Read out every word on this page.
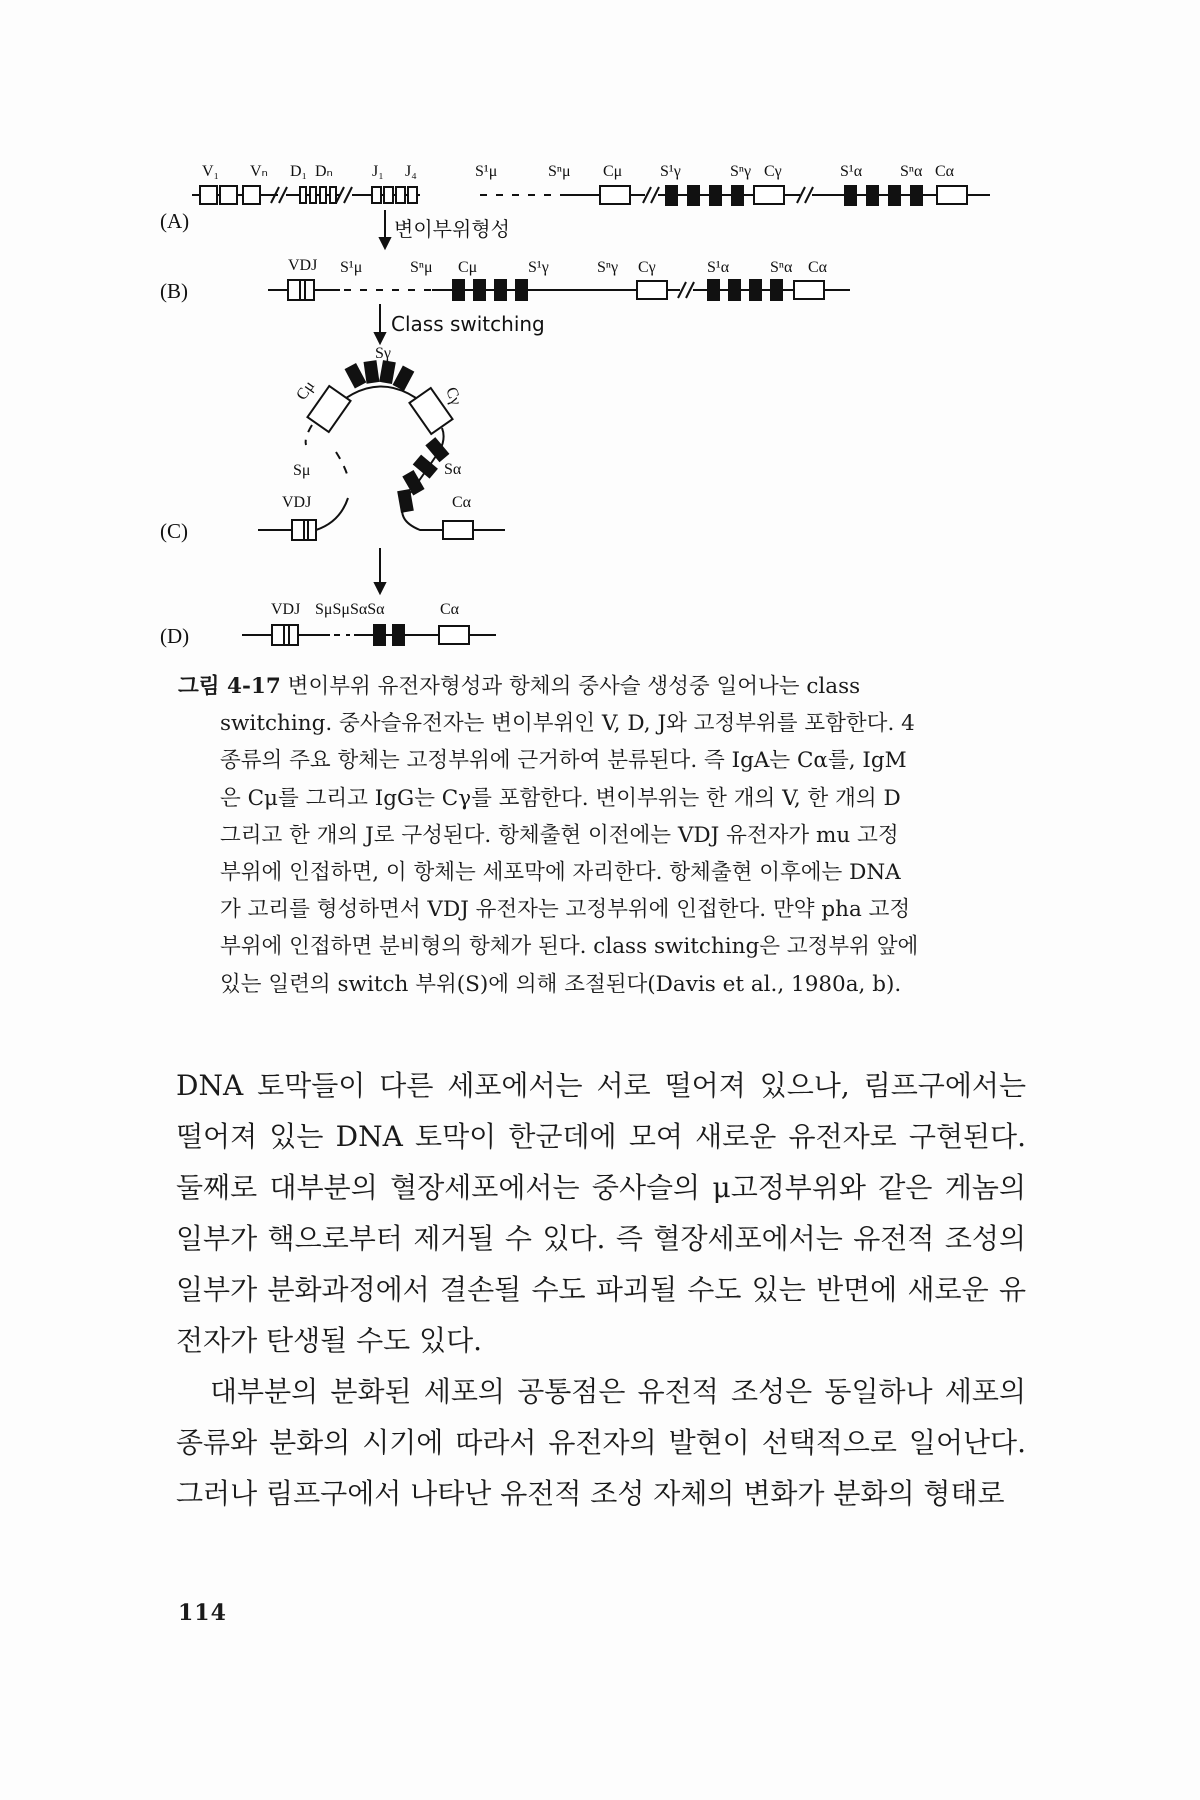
(A)
(B)
(C)
(D)
V₁ Vₙ D₁ Dₙ J₁ J₄	S¹μ	Sⁿμ Cμ S¹γ	Sⁿγ Cγ	S¹α Sⁿα Cα
변이부위형성
VDJ S¹μ	Sⁿμ Cμ	S¹γ	Sⁿγ Cγ	S¹α	Sⁿα Cα
Class switching
Sγ
Cμ	Cγ
Sμ	Sα
VDJ	Cα
VDJ SμSμSαSα	Cα

그림 4-17 변이부위 유전자형성과 항체의 중사슬 생성중 일어나는 class

switching. 중사슬유전자는 변이부위인 V, D, J와 고정부위를 포함한다. 4

종류의 주요 항체는 고정부위에 근거하여 분류된다. 즉 IgA는 Cα를, IgM

은 Cμ를 그리고 IgG는 Cγ를 포함한다. 변이부위는 한 개의 V, 한 개의 D

그리고 한 개의 J로 구성된다. 항체출현 이전에는 VDJ 유전자가 mu 고정

부위에 인접하면, 이 항체는 세포막에 자리한다. 항체출현 이후에는 DNA

가 고리를 형성하면서 VDJ 유전자는 고정부위에 인접한다. 만약 pha 고정

부위에 인접하면 분비형의 항체가 된다. class switching은 고정부위 앞에

있는 일련의 switch 부위(S)에 의해 조절된다(Davis et al., 1980a, b).

DNA 토막들이 다른 세포에서는 서로 떨어져 있으나, 림프구에서는 떨어져 있는 DNA 토막이 한군데에 모여 새로운 유전자로 구현된다. 둘째로 대부분의 혈장세포에서는 중사슬의 μ고정부위와 같은 게놈의 일부가 핵으로부터 제거될 수 있다. 즉 혈장세포에서는 유전적 조성의 일부가 분화과정에서 결손될 수도 파괴될 수도 있는 반면에 새로운 유전자가 탄생될 수도 있다.

대부분의 분화된 세포의 공통점은 유전적 조성은 동일하나 세포의 종류와 분화의 시기에 따라서 유전자의 발현이 선택적으로 일어난다. 그러나 림프구에서 나타난 유전적 조성 자체의 변화가 분화의 형태로

114
